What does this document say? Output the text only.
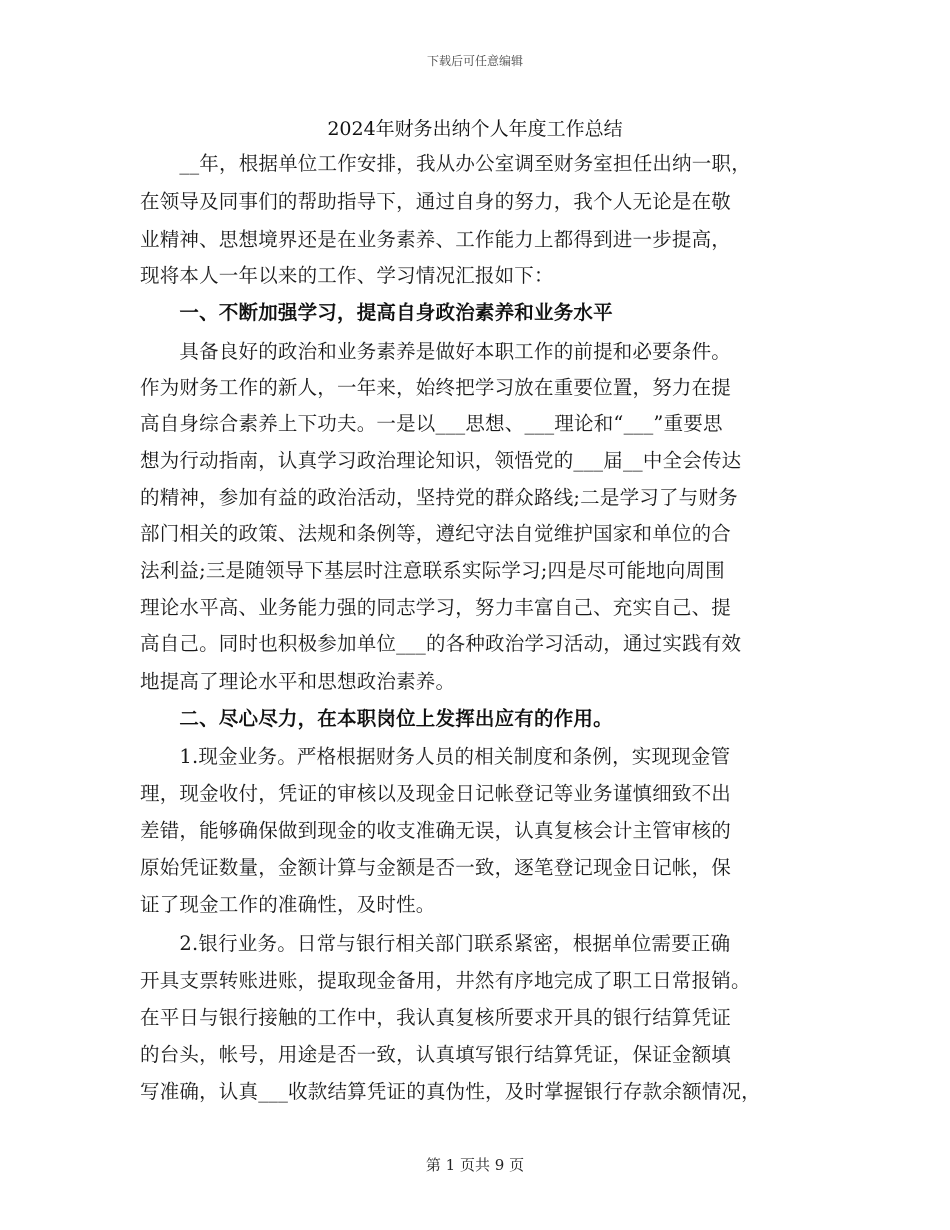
下载后可任意编辑
2024年财务出纳个人年度工作总结
　　__年，根据单位工作安排，我从办公室调至财务室担任出纳一职，
在领导及同事们的帮助指导下，通过自身的努力，我个人无论是在敬
业精神、思想境界还是在业务素养、工作能力上都得到进一步提高，
现将本人一年以来的工作、学习情况汇报如下：
　　一、不断加强学习，提高自身政治素养和业务水平
　　具备良好的政治和业务素养是做好本职工作的前提和必要条件。
作为财务工作的新人，一年来，始终把学习放在重要位置，努力在提
高自身综合素养上下功夫。一是以___思想、___理论和“___”重要思
想为行动指南，认真学习政治理论知识，领悟党的___届__中全会传达
的精神，参加有益的政治活动，坚持党的群众路线;二是学习了与财务
部门相关的政策、法规和条例等，遵纪守法自觉维护国家和单位的合
法利益;三是随领导下基层时注意联系实际学习;四是尽可能地向周围
理论水平高、业务能力强的同志学习，努力丰富自己、充实自己、提
高自己。同时也积极参加单位___的各种政治学习活动，通过实践有效
地提高了理论水平和思想政治素养。
　　二、尽心尽力，在本职岗位上发挥出应有的作用。
　　1.现金业务。严格根据财务人员的相关制度和条例，实现现金管
理，现金收付，凭证的审核以及现金日记帐登记等业务谨慎细致不出
差错，能够确保做到现金的收支准确无误，认真复核会计主管审核的
原始凭证数量，金额计算与金额是否一致，逐笔登记现金日记帐，保
证了现金工作的准确性，及时性。
　　2.银行业务。日常与银行相关部门联系紧密，根据单位需要正确
开具支票转账进账，提取现金备用，井然有序地完成了职工日常报销。
在平日与银行接触的工作中，我认真复核所要求开具的银行结算凭证
的台头，帐号，用途是否一致，认真填写银行结算凭证，保证金额填
写准确，认真___收款结算凭证的真伪性，及时掌握银行存款余额情况，
第 1 页共 9 页
